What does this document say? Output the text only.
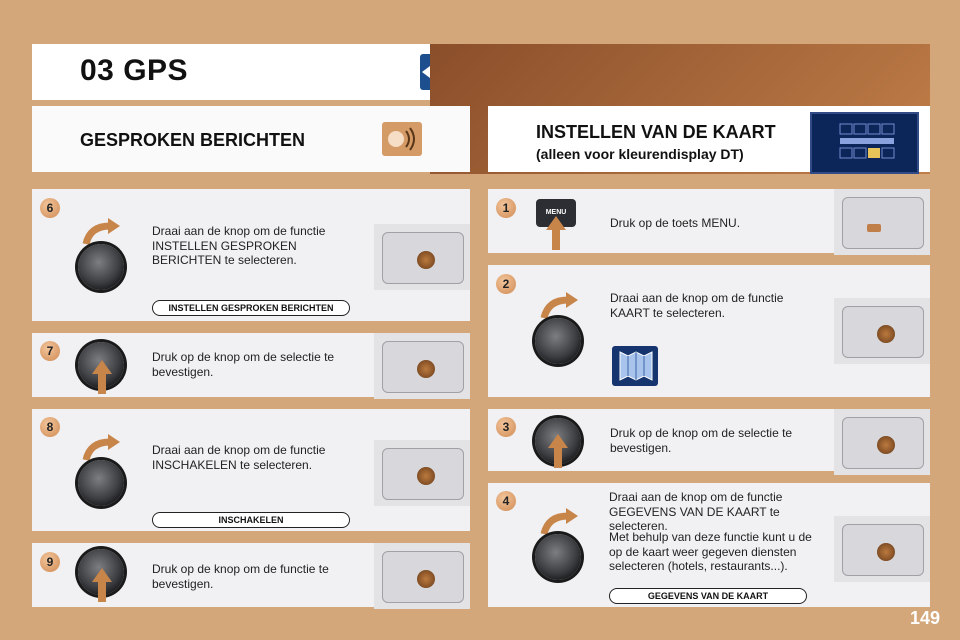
03 GPS
GESPROKEN BERICHTEN	INSTELLEN VAN DE KAART
(alleen voor kleurendisplay DT)
6
Draai aan de knop om de functie INSTELLEN GESPROKEN BERICHTEN te selecteren.
INSTELLEN GESPROKEN BERICHTEN
7	Druk op de knop om de selectie te bevestigen.
8
Draai aan de knop om de functie INSCHAKELEN te selecteren.
INSCHAKELEN
9	Druk op de knop om de functie te bevestigen.
1	MENU
Druk op de toets MENU.
2
Draai aan de knop om de functie KAART te selecteren.
3	Druk op de knop om de selectie te bevestigen.
4	Draai aan de knop om de functie GEGEVENS VAN DE KAART te selecteren.
Met behulp van deze functie kunt u de op de kaart weer gegeven diensten selecteren (hotels, restaurants...).
GEGEVENS VAN DE KAART
149
